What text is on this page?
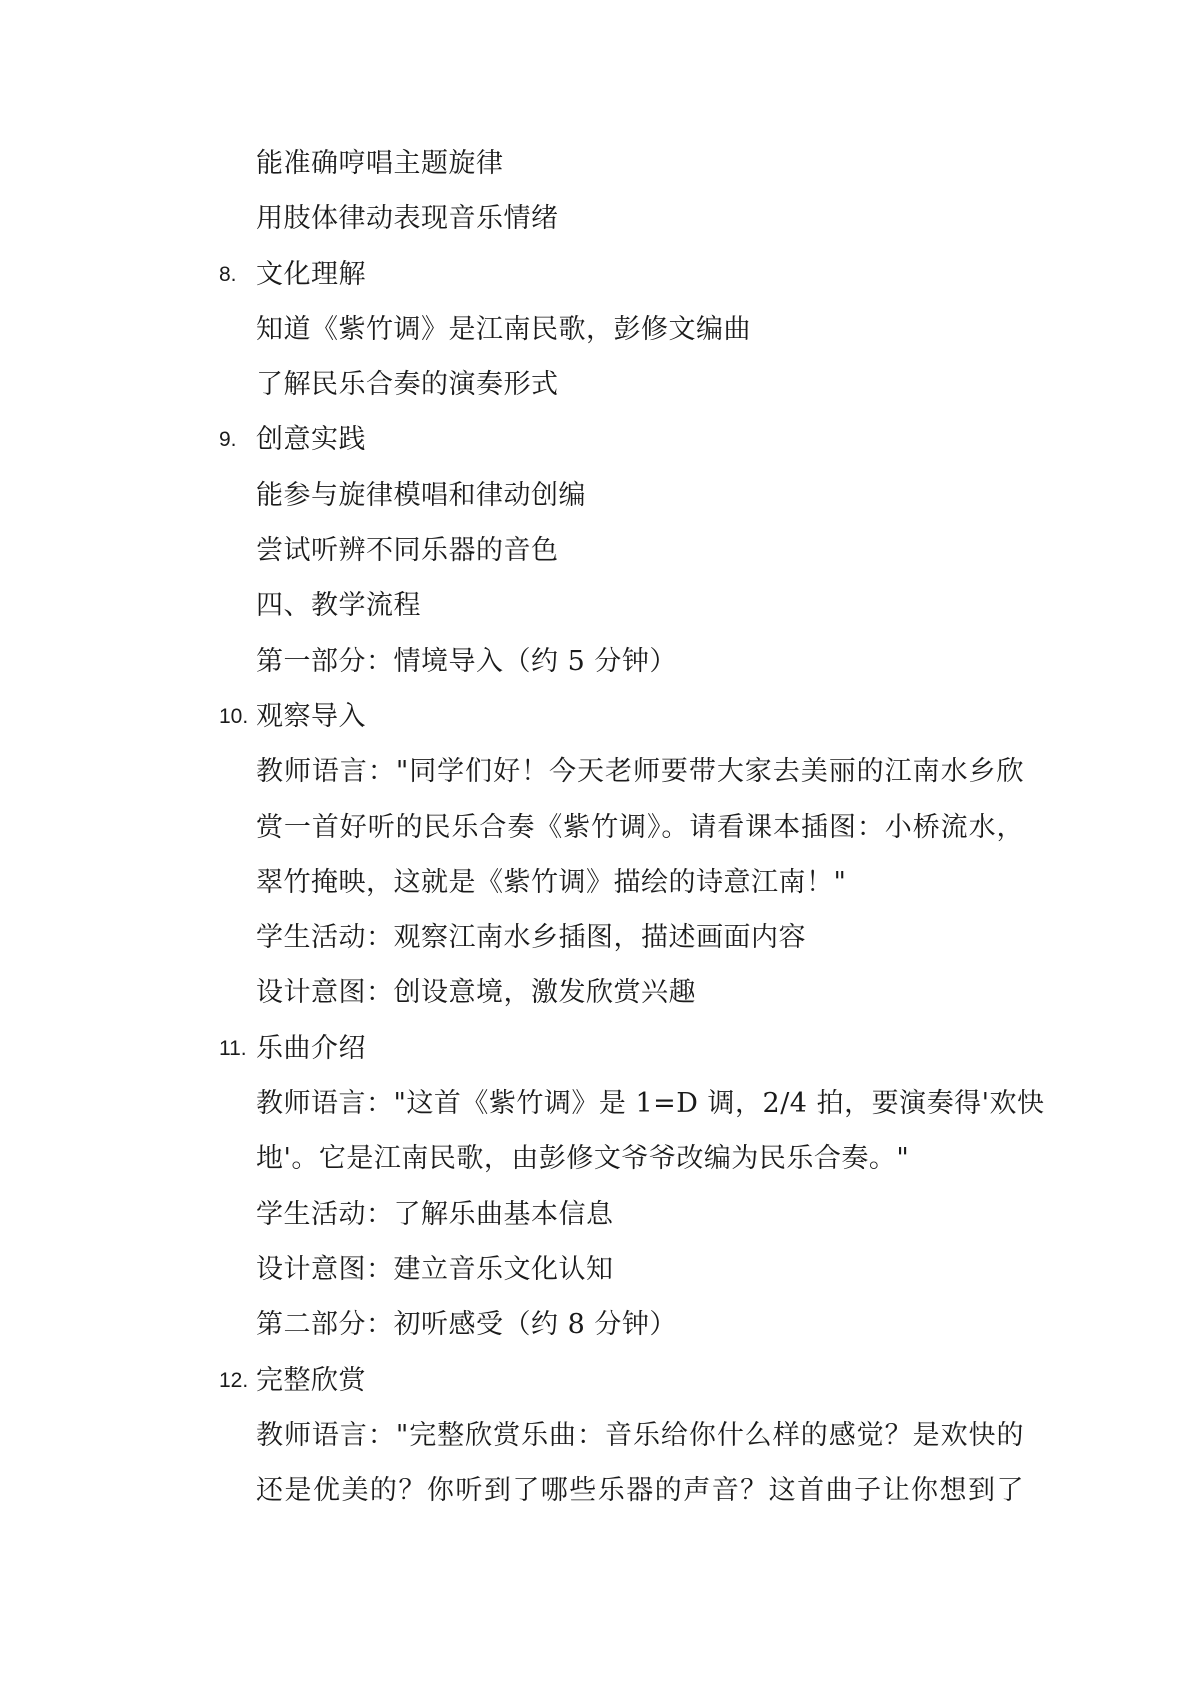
能准确哼唱主题旋律
用肢体律动表现音乐情绪
8. 文化理解
知道《紫竹调》是江南民歌，彭修文编曲
了解民乐合奏的演奏形式
9. 创意实践
能参与旋律模唱和律动创编
尝试听辨不同乐器的音色
四、教学流程
第一部分：情境导入（约 5 分钟）
10. 观察导入
教师语言："同学们好！今天老师要带大家去美丽的江南水乡欣
赏一首好听的民乐合奏《紫竹调》。请看课本插图：小桥流水，
翠竹掩映，这就是《紫竹调》描绘的诗意江南！"
学生活动：观察江南水乡插图，描述画面内容
设计意图：创设意境，激发欣赏兴趣
11. 乐曲介绍
教师语言："这首《紫竹调》是 1=D 调，2/4 拍，要演奏得'欢快
地'。它是江南民歌，由彭修文爷爷改编为民乐合奏。"
学生活动：了解乐曲基本信息
设计意图：建立音乐文化认知
第二部分：初听感受（约 8 分钟）
12. 完整欣赏
教师语言："完整欣赏乐曲：音乐给你什么样的感觉？是欢快的
还是优美的？你听到了哪些乐器的声音？这首曲子让你想到了
